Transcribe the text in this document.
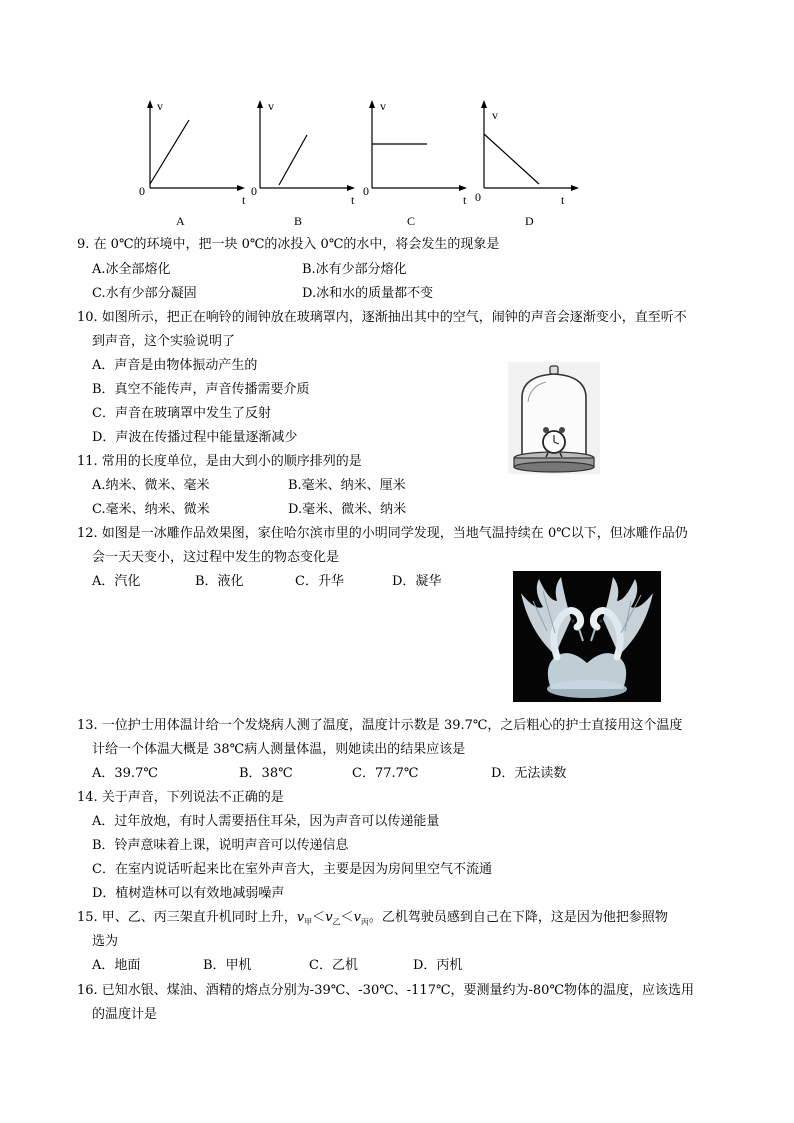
v
0
t
A
v
0
t
B
v
0
t
C
v
0	t
D
9. 在 0℃的环境中，把一块 0℃的冰投入 0℃的水中，将会发生的现象是
A.冰全部熔化	B.冰有少部分熔化
C.水有少部分凝固	D.冰和水的质量都不变
10. 如图所示，把正在响铃的闹钟放在玻璃罩内，逐渐抽出其中的空气，闹钟的声音会逐渐变小，直至听不
到声音，这个实验说明了
A．声音是由物体振动产生的
B．真空不能传声，声音传播需要介质
C．声音在玻璃罩中发生了反射
D．声波在传播过程中能量逐渐减少
11. 常用的长度单位，是由大到小的顺序排列的是
A.纳米、微米、毫米	B.毫米、纳米、厘米
C.毫米、纳米、微米	D.毫米、微米、纳米
12. 如图是一冰雕作品效果图，家住哈尔滨市里的小明同学发现，当地气温持续在 0℃以下，但冰雕作品仍
会一天天变小，这过程中发生的物态变化是
A．汽化	B．液化	C．升华	D．凝华
13. 一位护士用体温计给一个发烧病人测了温度，温度计示数是 39.7℃，之后粗心的护士直接用这个温度
计给一个体温大概是 38℃病人测量体温，则她读出的结果应该是
A．39.7℃	B．38℃	C．77.7℃	D．无法读数
14. 关于声音，下列说法不正确的是
A．过年放炮，有时人需要捂住耳朵，因为声音可以传递能量
B．铃声意味着上课，说明声音可以传递信息
C．在室内说话听起来比在室外声音大，主要是因为房间里空气不流通
D．植树造林可以有效地减弱噪声
15. 甲、乙、丙三架直升机同时上升，$v_甲<v_乙<v_丙$。乙机驾驶员感到自己在下降，这是因为他把参照物
选为
A．地面	B．甲机	C．乙机	D．丙机
16. 已知水银、煤油、酒精的熔点分别为-39℃、-30℃、-117℃，要测量约为-80℃物体的温度，应该选用
的温度计是
